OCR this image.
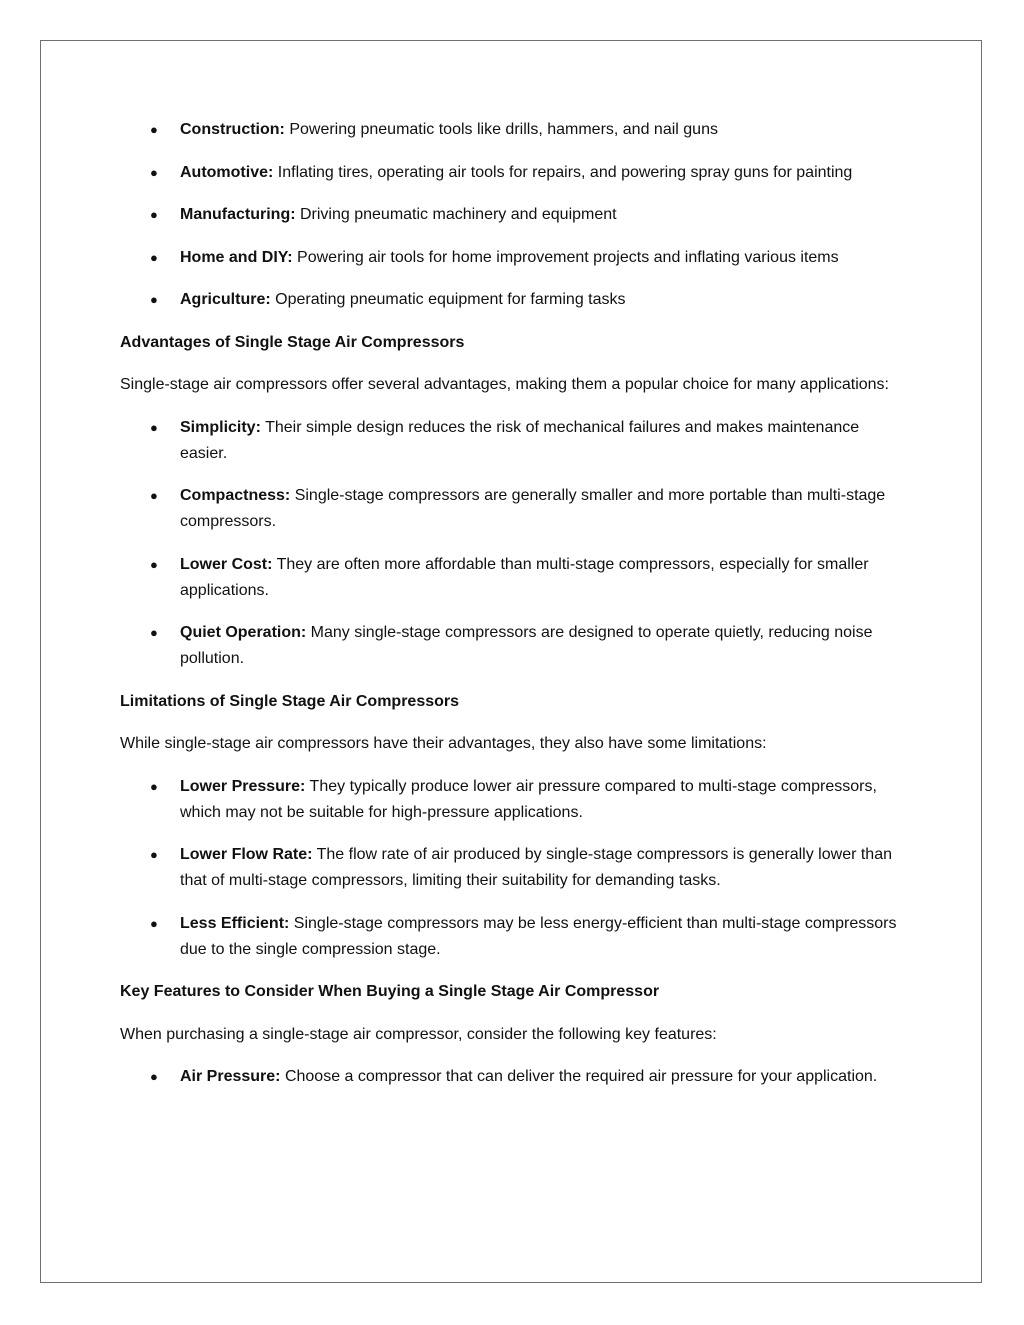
● Construction: Powering pneumatic tools like drills, hammers, and nail guns
● Automotive: Inflating tires, operating air tools for repairs, and powering spray guns for painting
● Manufacturing: Driving pneumatic machinery and equipment
● Home and DIY: Powering air tools for home improvement projects and inflating various items
● Agriculture: Operating pneumatic equipment for farming tasks
Advantages of Single Stage Air Compressors
Single-stage air compressors offer several advantages, making them a popular choice for many applications:
● Simplicity: Their simple design reduces the risk of mechanical failures and makes maintenance easier.
● Compactness: Single-stage compressors are generally smaller and more portable than multi-stage compressors.
● Lower Cost: They are often more affordable than multi-stage compressors, especially for smaller applications.
● Quiet Operation: Many single-stage compressors are designed to operate quietly, reducing noise pollution.
Limitations of Single Stage Air Compressors
While single-stage air compressors have their advantages, they also have some limitations:
● Lower Pressure: They typically produce lower air pressure compared to multi-stage compressors, which may not be suitable for high-pressure applications.
● Lower Flow Rate: The flow rate of air produced by single-stage compressors is generally lower than that of multi-stage compressors, limiting their suitability for demanding tasks.
● Less Efficient: Single-stage compressors may be less energy-efficient than multi-stage compressors due to the single compression stage.
Key Features to Consider When Buying a Single Stage Air Compressor
When purchasing a single-stage air compressor, consider the following key features:
● Air Pressure: Choose a compressor that can deliver the required air pressure for your application.
